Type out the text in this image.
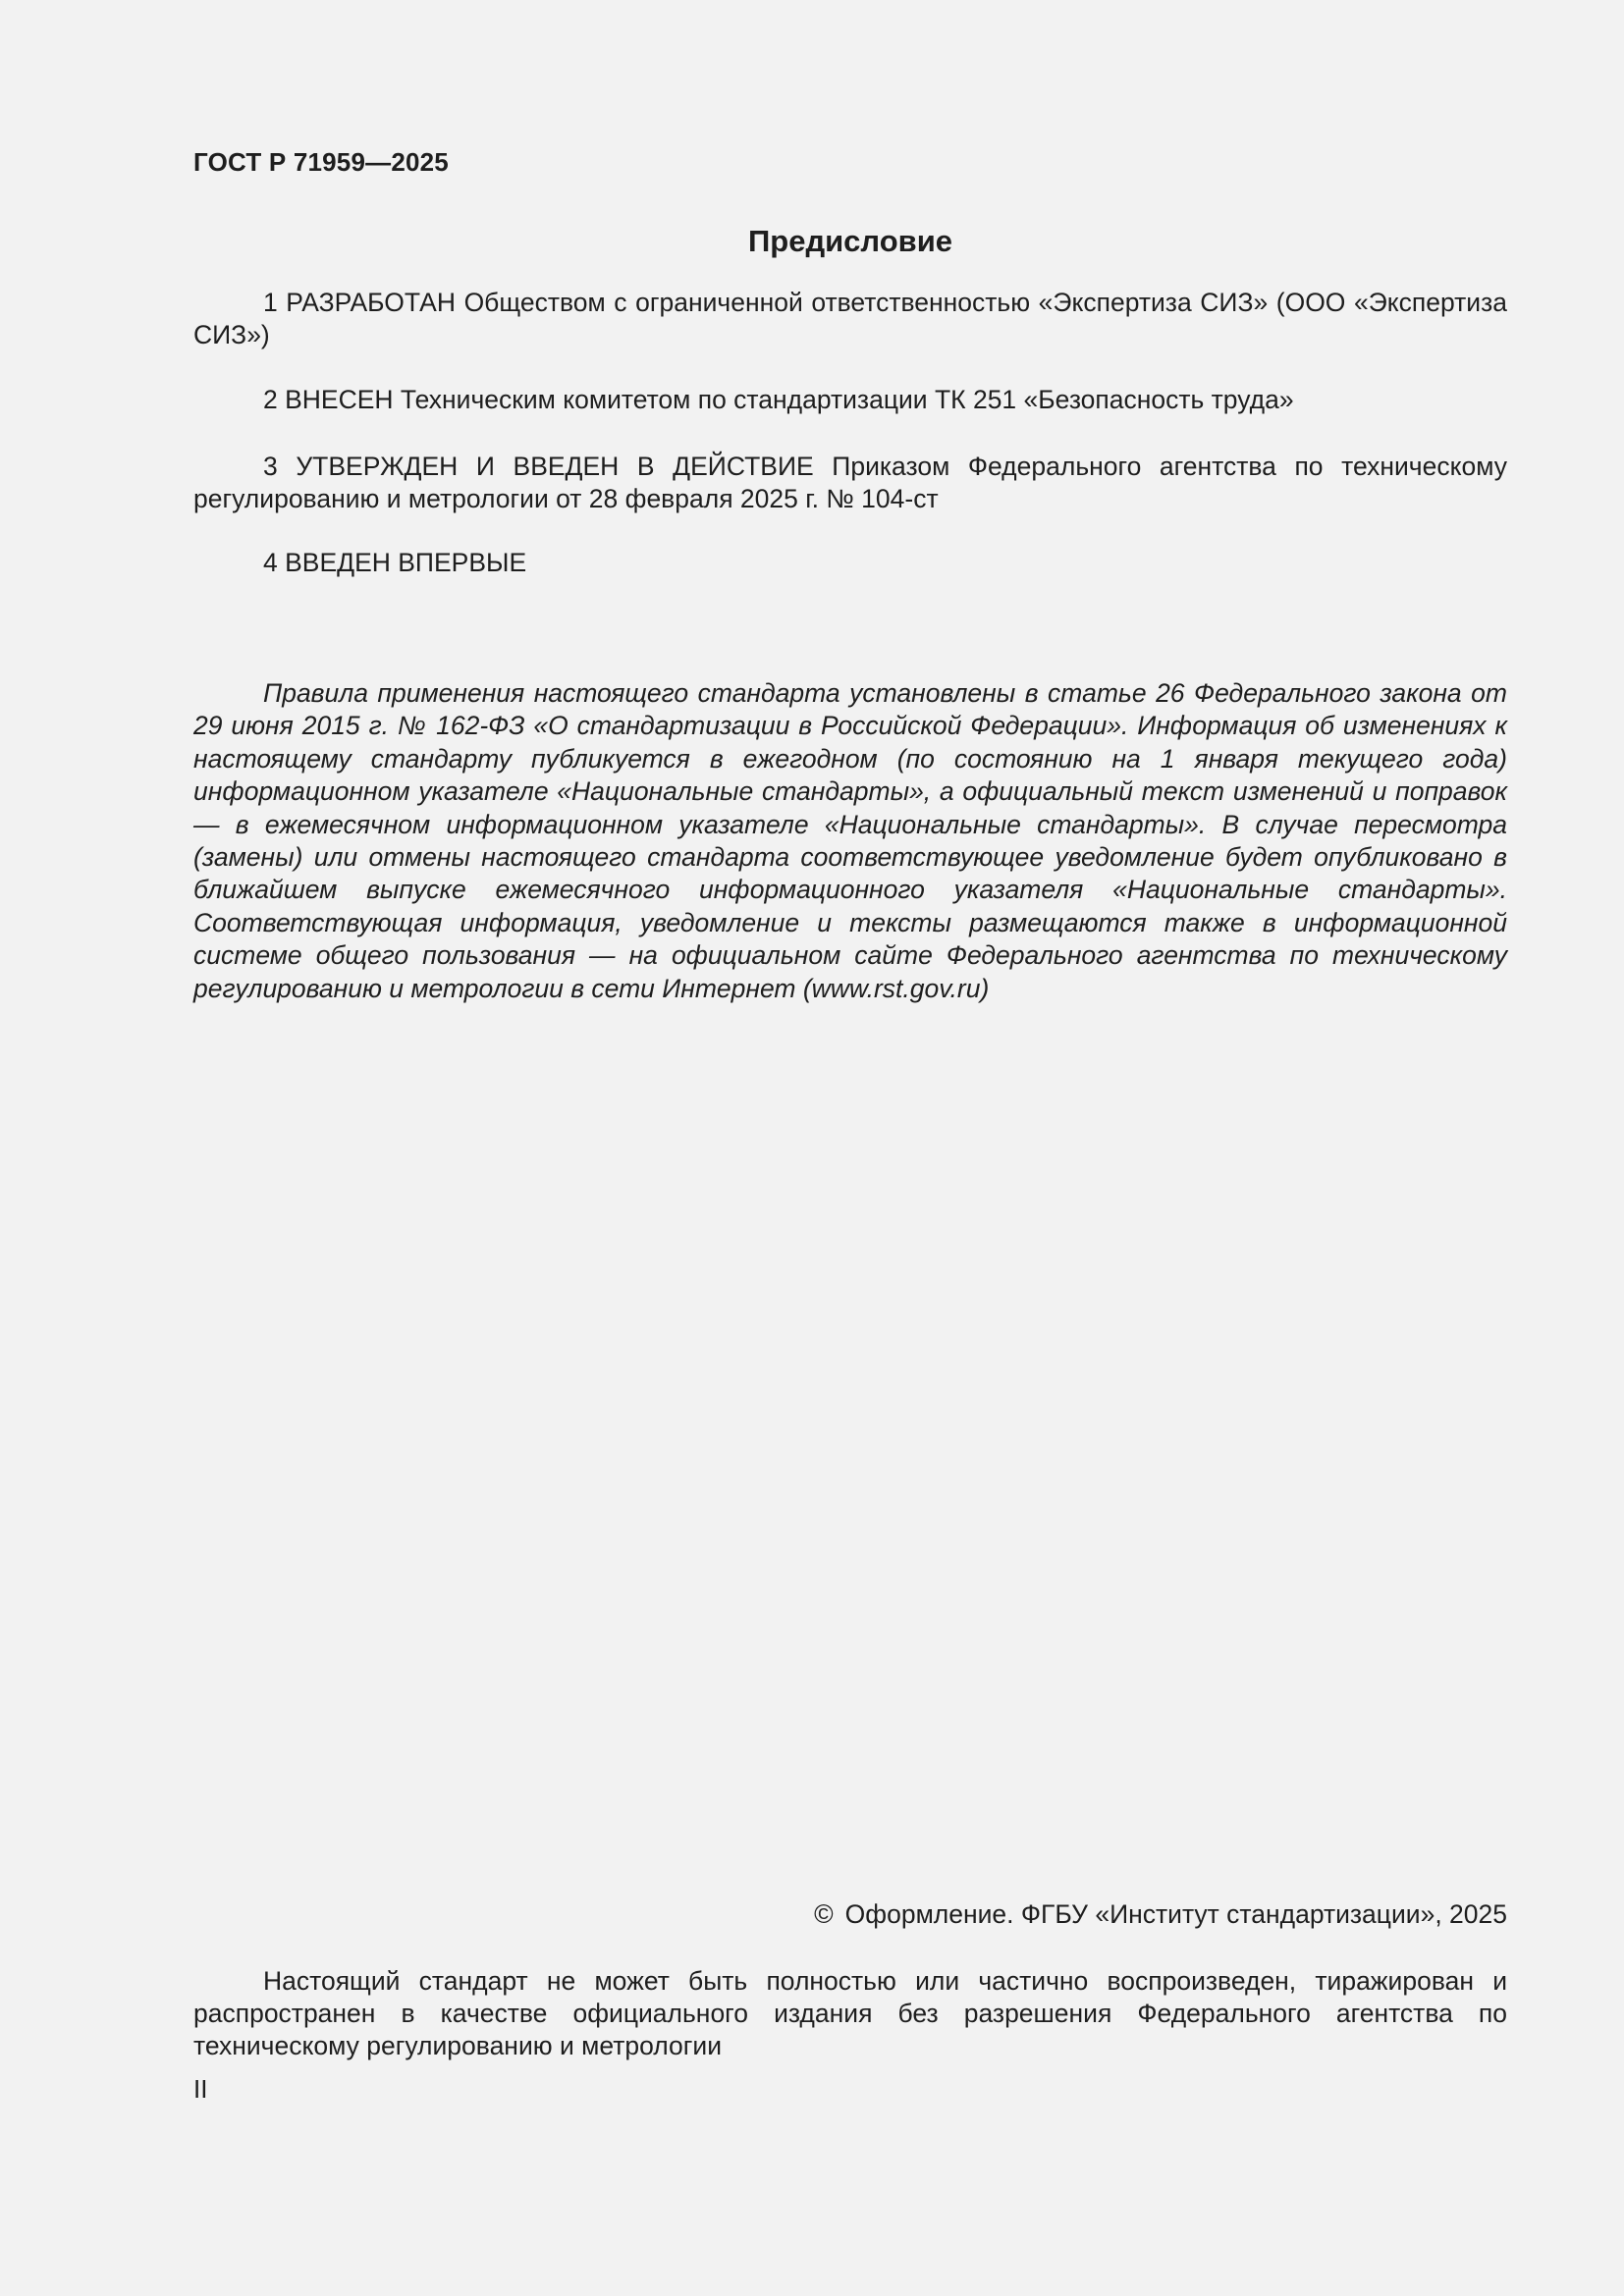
ГОСТ Р 71959—2025
Предисловие

1 РАЗРАБОТАН Обществом с ограниченной ответственностью «Экспертиза СИЗ» (ООО «Экспертиза СИЗ»)

2 ВНЕСЕН Техническим комитетом по стандартизации ТК 251 «Безопасность труда»

3 УТВЕРЖДЕН И ВВЕДЕН В ДЕЙСТВИЕ Приказом Федерального агентства по техническому регулированию и метрологии от 28 февраля 2025 г. № 104-ст

4 ВВЕДЕН ВПЕРВЫЕ

Правила применения настоящего стандарта установлены в статье 26 Федерального закона от 29 июня 2015 г. № 162-ФЗ «О стандартизации в Российской Федерации». Информация об изменениях к настоящему стандарту публикуется в ежегодном (по состоянию на 1 января текущего года) информационном указателе «Национальные стандарты», а официальный текст изменений и поправок — в ежемесячном информационном указателе «Национальные стандарты». В случае пересмотра (замены) или отмены настоящего стандарта соответствующее уведомление будет опубликовано в ближайшем выпуске ежемесячного информационного указателя «Национальные стандарты». Соответствующая информация, уведомление и тексты размещаются также в информационной системе общего пользования — на официальном сайте Федерального агентства по техническому регулированию и метрологии в сети Интернет (www.rst.gov.ru)

© Оформление. ФГБУ «Институт стандартизации», 2025

Настоящий стандарт не может быть полностью или частично воспроизведен, тиражирован и распространен в качестве официального издания без разрешения Федерального агентства по техническому регулированию и метрологии

II
